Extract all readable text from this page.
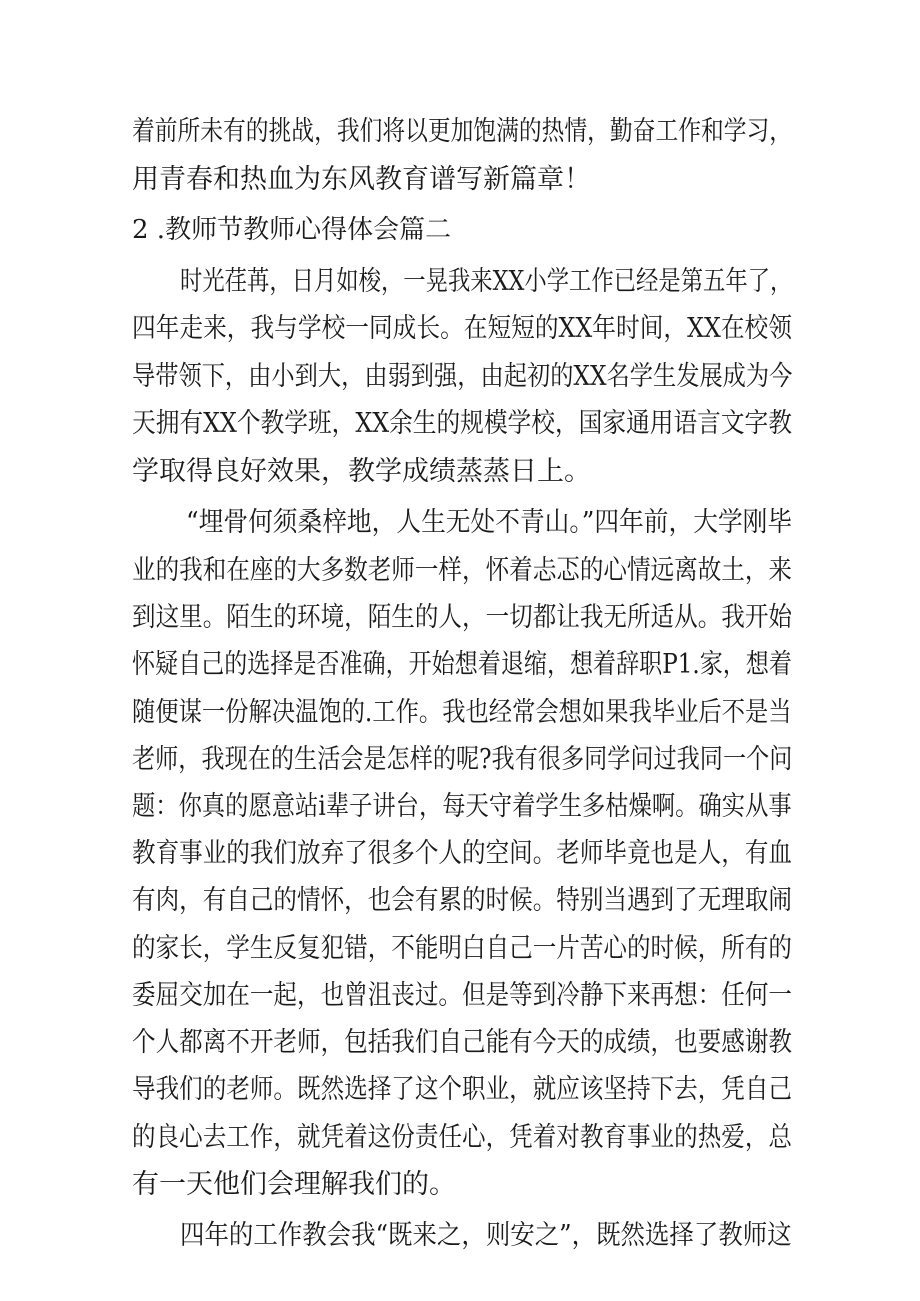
着前所未有的挑战，我们将以更加饱满的热情，勤奋工作和学习，
用青春和热血为东风教育谱写新篇章！
2 .教师节教师心得体会篇二
时光荏苒，日月如梭，一晃我来XX小学工作已经是第五年了，
四年走来，我与学校一同成长。在短短的XX年时间，XX在校领
导带领下，由小到大，由弱到强，由起初的XX名学生发展成为今
天拥有XX个教学班，XX余生的规模学校，国家通用语言文字教
学取得良好效果，教学成绩蒸蒸日上。
“埋骨何须桑梓地，人生无处不青山。”四年前，大学刚毕
业的我和在座的大多数老师一样，怀着忐忑的心情远离故土，来
到这里。陌生的环境，陌生的人，一切都让我无所适从。我开始
怀疑自己的选择是否准确，开始想着退缩，想着辞职P1.家，想着
随便谋一份解决温饱的.工作。我也经常会想如果我毕业后不是当
老师，我现在的生活会是怎样的呢?我有很多同学问过我同一个问
题：你真的愿意站i辈子讲台，每天守着学生多枯燥啊。确实从事
教育事业的我们放弃了很多个人的空间。老师毕竟也是人，有血
有肉，有自己的情怀，也会有累的时候。特别当遇到了无理取闹
的家长，学生反复犯错，不能明白自己一片苦心的时候，所有的
委屈交加在一起，也曾沮丧过。但是等到冷静下来再想：任何一
个人都离不开老师，包括我们自己能有今天的成绩，也要感谢教
导我们的老师。既然选择了这个职业，就应该坚持下去，凭自己
的良心去工作，就凭着这份责任心，凭着对教育事业的热爱，总
有一天他们会理解我们的。
四年的工作教会我“既来之，则安之”，既然选择了教师这
